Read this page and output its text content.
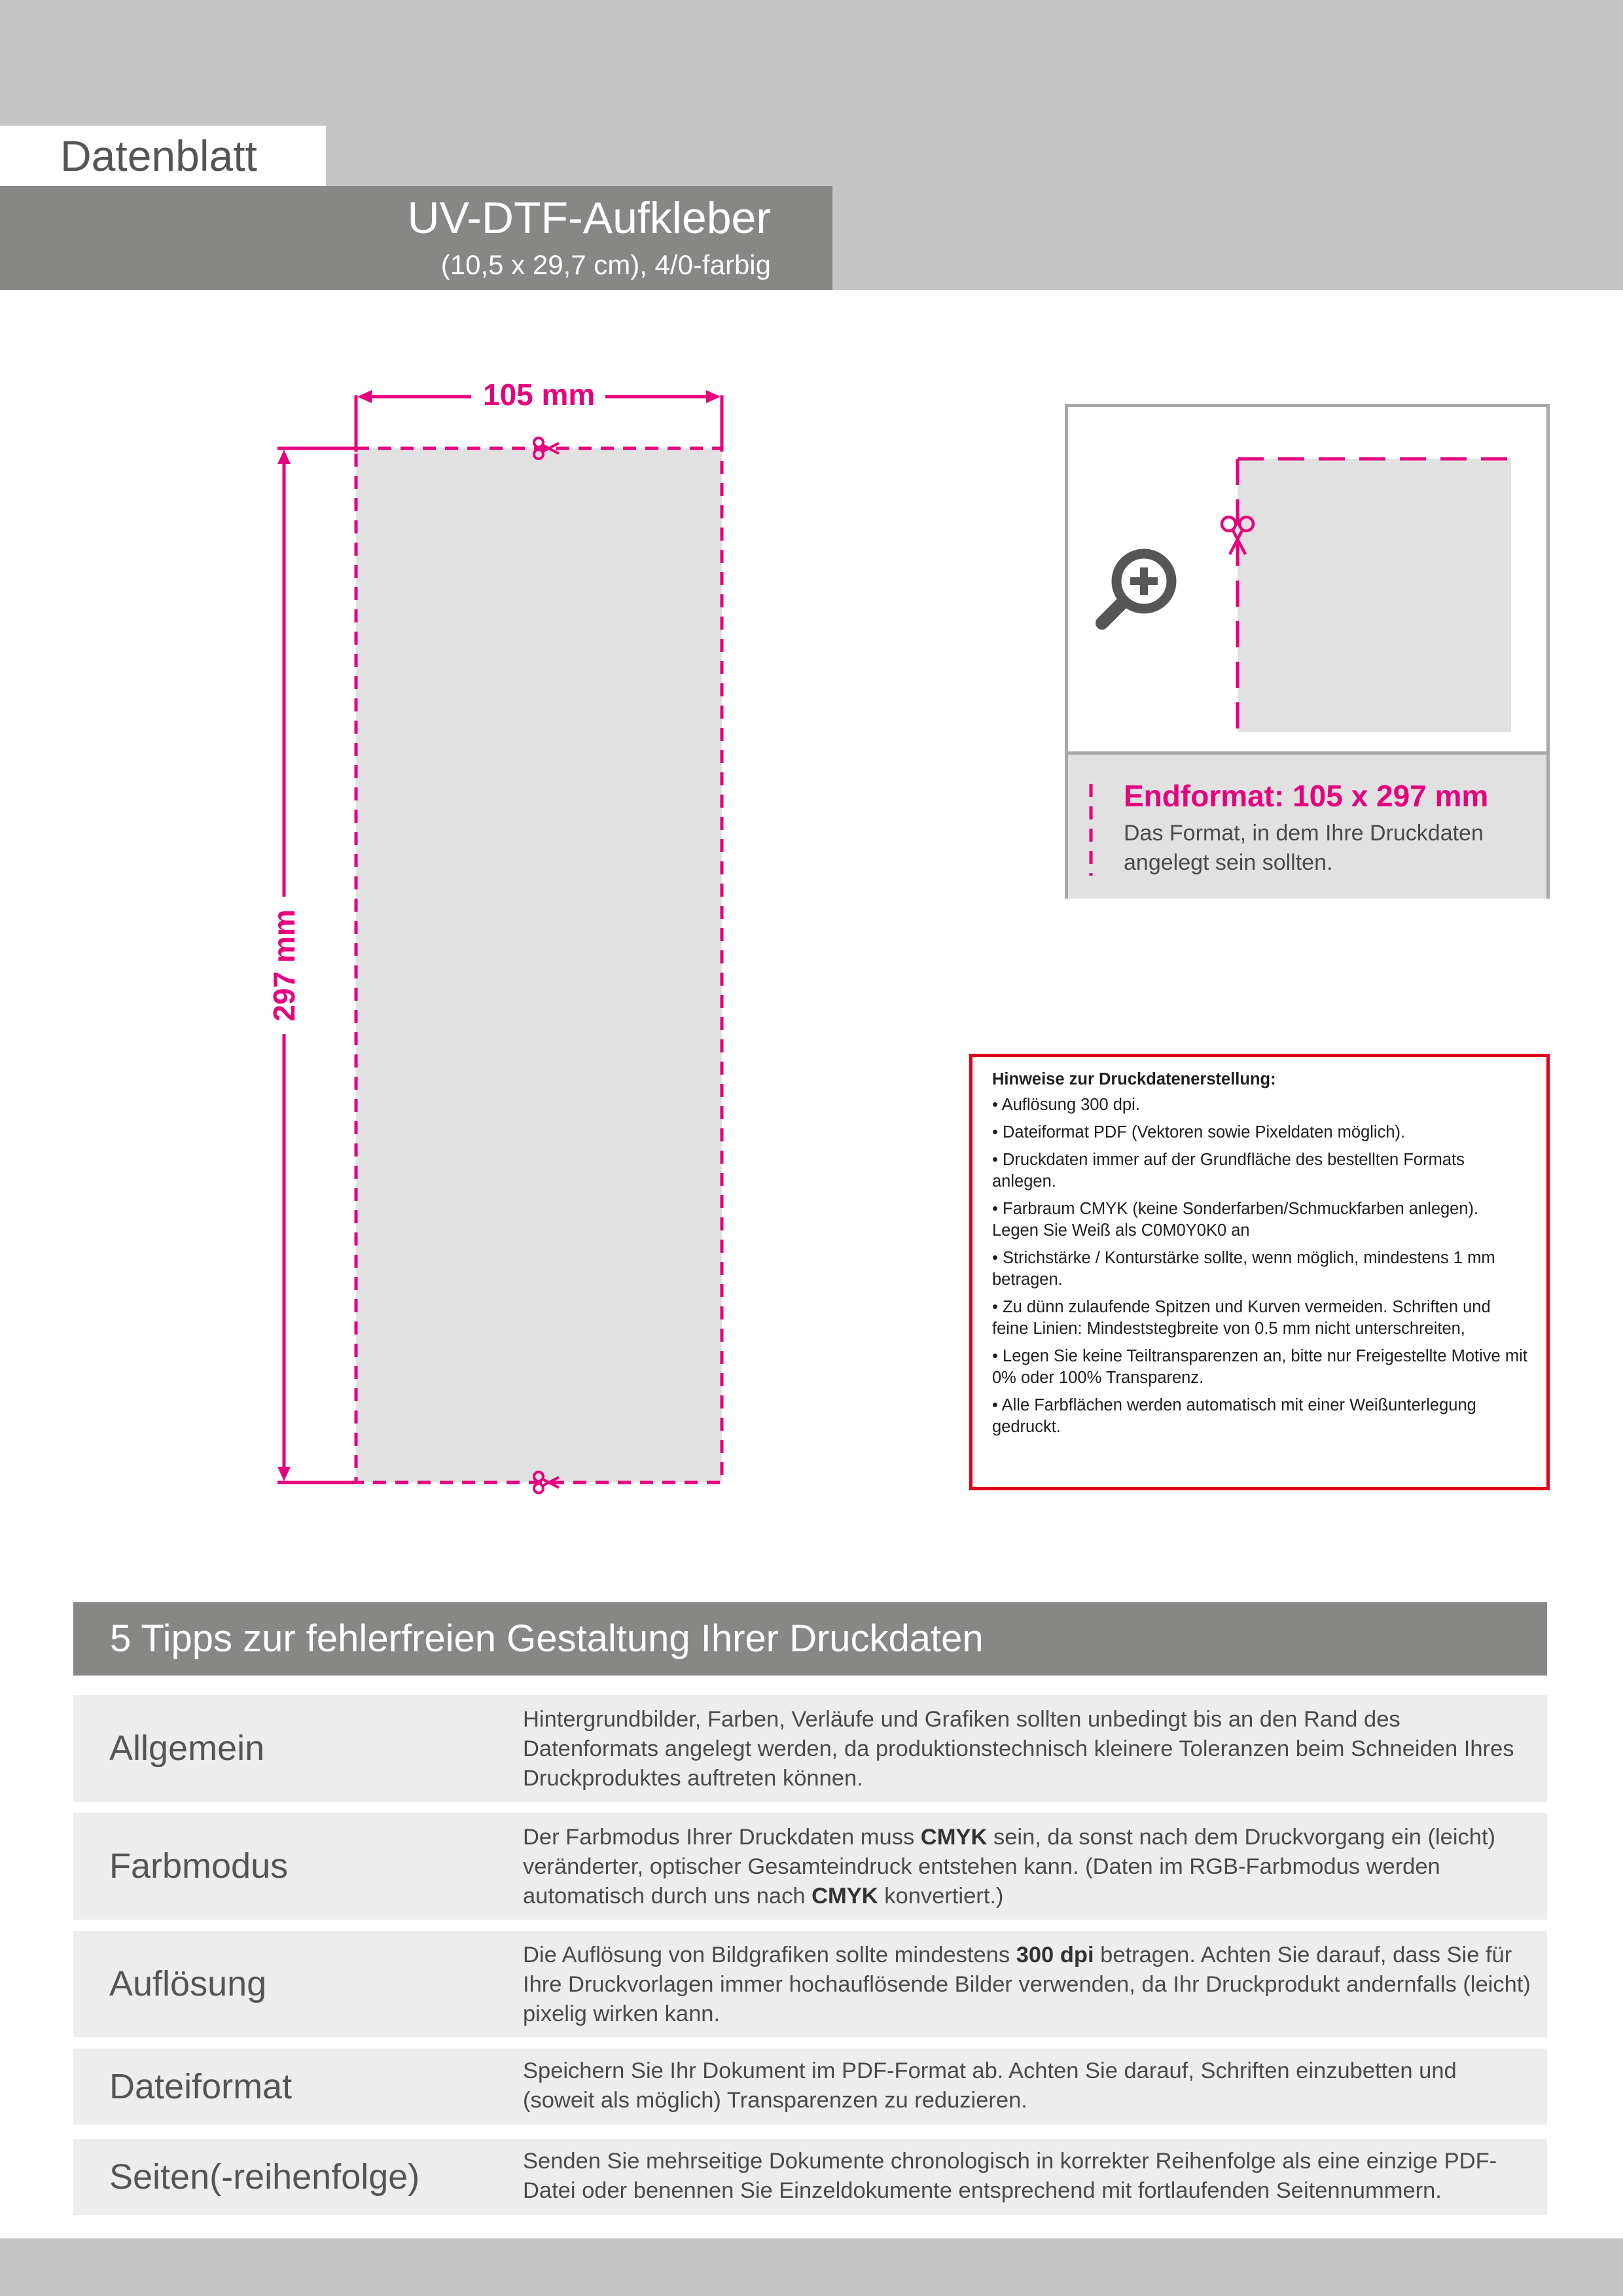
Datenblatt
UV-DTF-Aufkleber
(10,5 x 29,7 cm), 4/0-farbig
105 mm
297 mm
Endformat: 105 x 297 mm
Das Format, in dem Ihre Druckdaten angelegt sein sollten.
Hinweise zur Druckdatenerstellung:
• Auflösung 300 dpi.
• Dateiformat PDF (Vektoren sowie Pixeldaten möglich).
• Druckdaten immer auf der Grundfläche des bestellten Formats anlegen.
• Farbraum CMYK (keine Sonderfarben/Schmuckfarben anlegen). Legen Sie Weiß als C0M0Y0K0 an
• Strichstärke / Konturstärke sollte, wenn möglich, mindestens 1 mm betragen.
• Zu dünn zulaufende Spitzen und Kurven vermeiden. Schriften und feine Linien: Mindeststegbreite von 0.5 mm nicht unterschreiten,
• Legen Sie keine Teiltransparenzen an, bitte nur Freigestellte Motive mit 0% oder 100% Transparenz.
• Alle Farbflächen werden automatisch mit einer Weißunterlegung gedruckt.
5 Tipps zur fehlerfreien Gestaltung Ihrer Druckdaten
Allgemein
Hintergrundbilder, Farben, Verläufe und Grafiken sollten unbedingt bis an den Rand des Datenformats angelegt werden, da produktionstechnisch kleinere Toleranzen beim Schneiden Ihres Druckproduktes auftreten können.
Farbmodus
Der Farbmodus Ihrer Druckdaten muss CMYK sein, da sonst nach dem Druckvorgang ein (leicht) veränderter, optischer Gesamteindruck entstehen kann. (Daten im RGB-Farbmodus werden automatisch durch uns nach CMYK konvertiert.)
Auflösung
Die Auflösung von Bildgrafiken sollte mindestens 300 dpi betragen. Achten Sie darauf, dass Sie für Ihre Druckvorlagen immer hochauflösende Bilder verwenden, da Ihr Druckprodukt andernfalls (leicht) pixelig wirken kann.
Dateiformat	Speichern Sie Ihr Dokument im PDF-Format ab. Achten Sie darauf, Schriften einzubetten und (soweit als möglich) Transparenzen zu reduzieren.
Seiten(-reihenfolge)	Senden Sie mehrseitige Dokumente chronologisch in korrekter Reihenfolge als eine einzige PDF-Datei oder benennen Sie Einzeldokumente entsprechend mit fortlaufenden Seitennummern.
